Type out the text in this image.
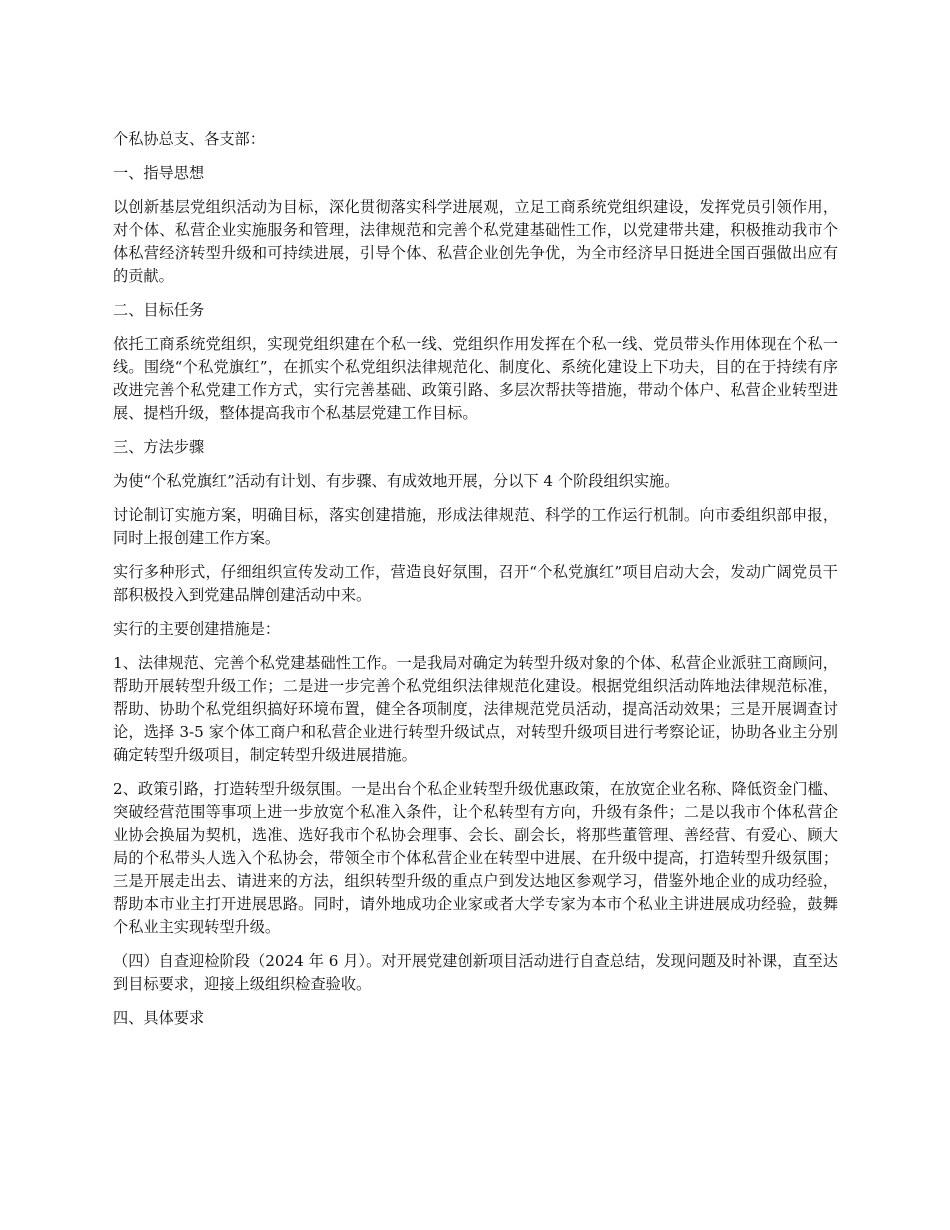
个私协总支、各支部：

一、指导思想

以创新基层党组织活动为目标，深化贯彻落实科学进展观，立足工商系统党组织建设，发挥党员引领作用，对个体、私营企业实施服务和管理，法律规范和完善个私党建基础性工作，以党建带共建，积极推动我市个体私营经济转型升级和可持续进展，引导个体、私营企业创先争优，为全市经济早日挺进全国百强做出应有的贡献。

二、目标任务

依托工商系统党组织，实现党组织建在个私一线、党组织作用发挥在个私一线、党员带头作用体现在个私一线。围绕“个私党旗红”，在抓实个私党组织法律规范化、制度化、系统化建设上下功夫，目的在于持续有序改进完善个私党建工作方式，实行完善基础、政策引路、多层次帮扶等措施，带动个体户、私营企业转型进展、提档升级，整体提高我市个私基层党建工作目标。

三、方法步骤

为使“个私党旗红”活动有计划、有步骤、有成效地开展，分以下 4 个阶段组织实施。

讨论制订实施方案，明确目标，落实创建措施，形成法律规范、科学的工作运行机制。向市委组织部申报，同时上报创建工作方案。

实行多种形式，仔细组织宣传发动工作，营造良好氛围，召开“个私党旗红”项目启动大会，发动广阔党员干部积极投入到党建品牌创建活动中来。

实行的主要创建措施是：

1、法律规范、完善个私党建基础性工作。一是我局对确定为转型升级对象的个体、私营企业派驻工商顾问，帮助开展转型升级工作；二是进一步完善个私党组织法律规范化建设。根据党组织活动阵地法律规范标准，帮助、协助个私党组织搞好环境布置，健全各项制度，法律规范党员活动，提高活动效果；三是开展调查讨论，选择 3-5 家个体工商户和私营企业进行转型升级试点，对转型升级项目进行考察论证，协助各业主分别确定转型升级项目，制定转型升级进展措施。

2、政策引路，打造转型升级氛围。一是出台个私企业转型升级优惠政策，在放宽企业名称、降低资金门槛、突破经营范围等事项上进一步放宽个私准入条件，让个私转型有方向，升级有条件；二是以我市个体私营企业协会换届为契机，选准、选好我市个私协会理事、会长、副会长，将那些董管理、善经营、有爱心、顾大局的个私带头人选入个私协会，带领全市个体私营企业在转型中进展、在升级中提高，打造转型升级氛围；三是开展走出去、请进来的方法，组织转型升级的重点户到发达地区参观学习，借鉴外地企业的成功经验，帮助本市业主打开进展思路。同时，请外地成功企业家或者大学专家为本市个私业主讲进展成功经验，鼓舞个私业主实现转型升级。

（四）自查迎检阶段（2024 年 6 月）。对开展党建创新项目活动进行自查总结，发现问题及时补课，直至达到目标要求，迎接上级组织检查验收。

四、具体要求
